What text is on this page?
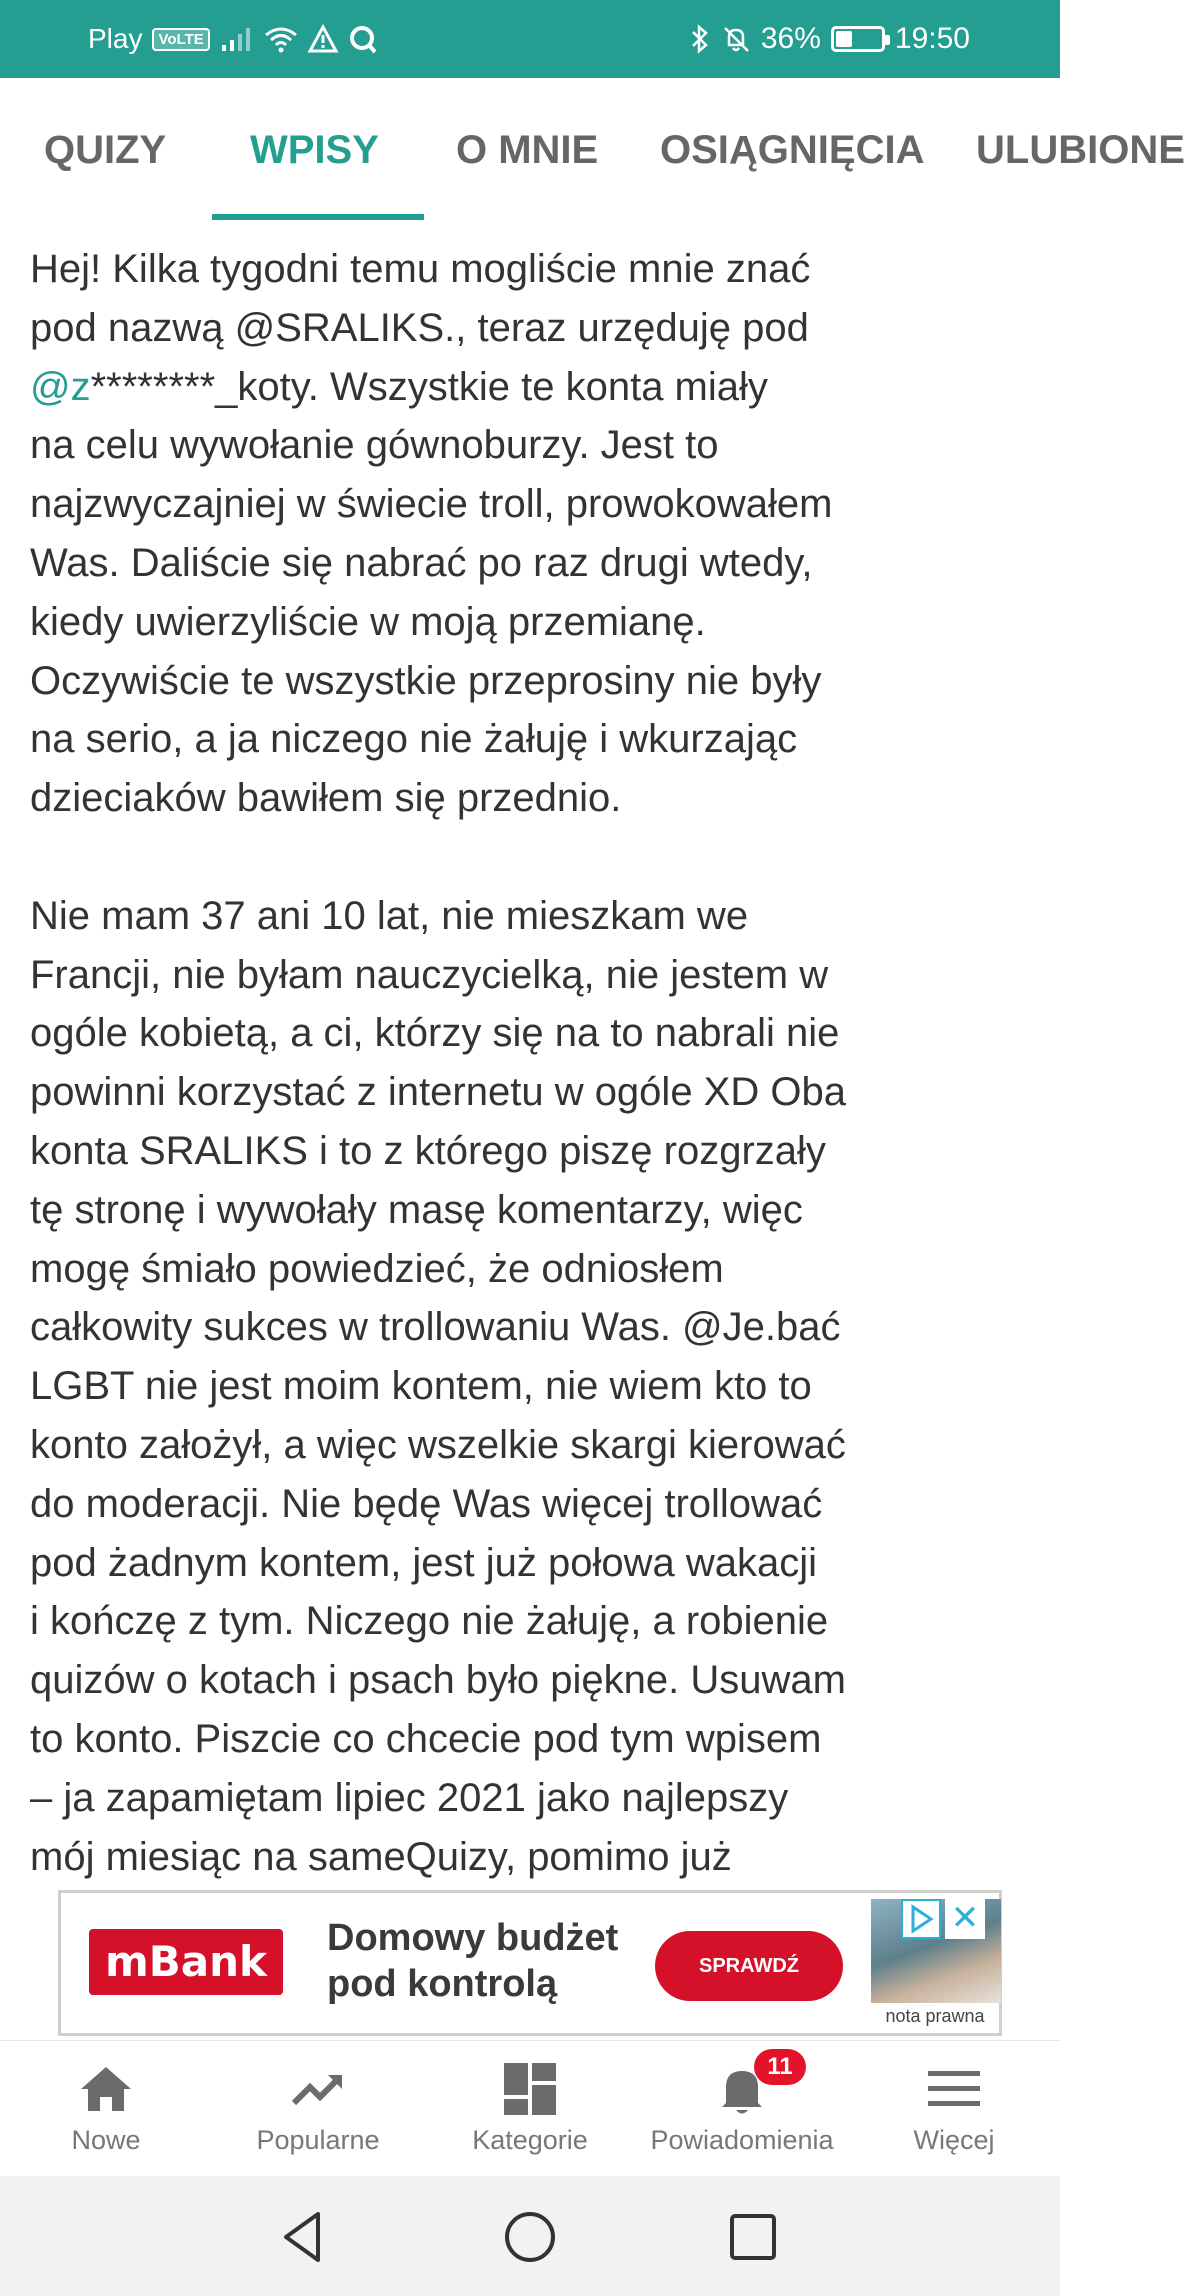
Play	VoLTE	36% 19:50
QUIZY WPISY O MNIE OSIĄGNIĘCIA ULUBIONE

Hej! Kilka tygodni temu mogliście mnie znać
pod nazwą @SRALIKS., teraz urzęduję pod
@z********_koty. Wszystkie te konta miały
na celu wywołanie gównoburzy. Jest to
najzwyczajniej w świecie troll, prowokowałem
Was. Daliście się nabrać po raz drugi wtedy,
kiedy uwierzyliście w moją przemianę.
Oczywiście te wszystkie przeprosiny nie były
na serio, a ja niczego nie żałuję i wkurzając
dzieciaków bawiłem się przednio.

Nie mam 37 ani 10 lat, nie mieszkam we
Francji, nie byłam nauczycielką, nie jestem w
ogóle kobietą, a ci, którzy się na to nabrali nie
powinni korzystać z internetu w ogóle XD Oba
konta SRALIKS i to z którego piszę rozgrzały
tę stronę i wywołały masę komentarzy, więc
mogę śmiało powiedzieć, że odniosłem
całkowity sukces w trollowaniu Was. @Je.bać
LGBT nie jest moim kontem, nie wiem kto to
konto założył, a więc wszelkie skargi kierować
do moderacji. Nie będę Was więcej trollować
pod żadnym kontem, jest już połowa wakacji
i kończę z tym. Niczego nie żałuję, a robienie
quizów o kotach i psach było piękne. Usuwam
to konto. Piszcie co chcecie pod tym wpisem
– ja zapamiętam lipiec 2021 jako najlepszy
mój miesiąc na sameQuizy, pomimo już

mBank	Domowy budżet
pod kontrolą	SPRAWDŹ
✕
nota prawna
Nowe	Popularne	Kategorie
11
Powiadomienia	Więcej
